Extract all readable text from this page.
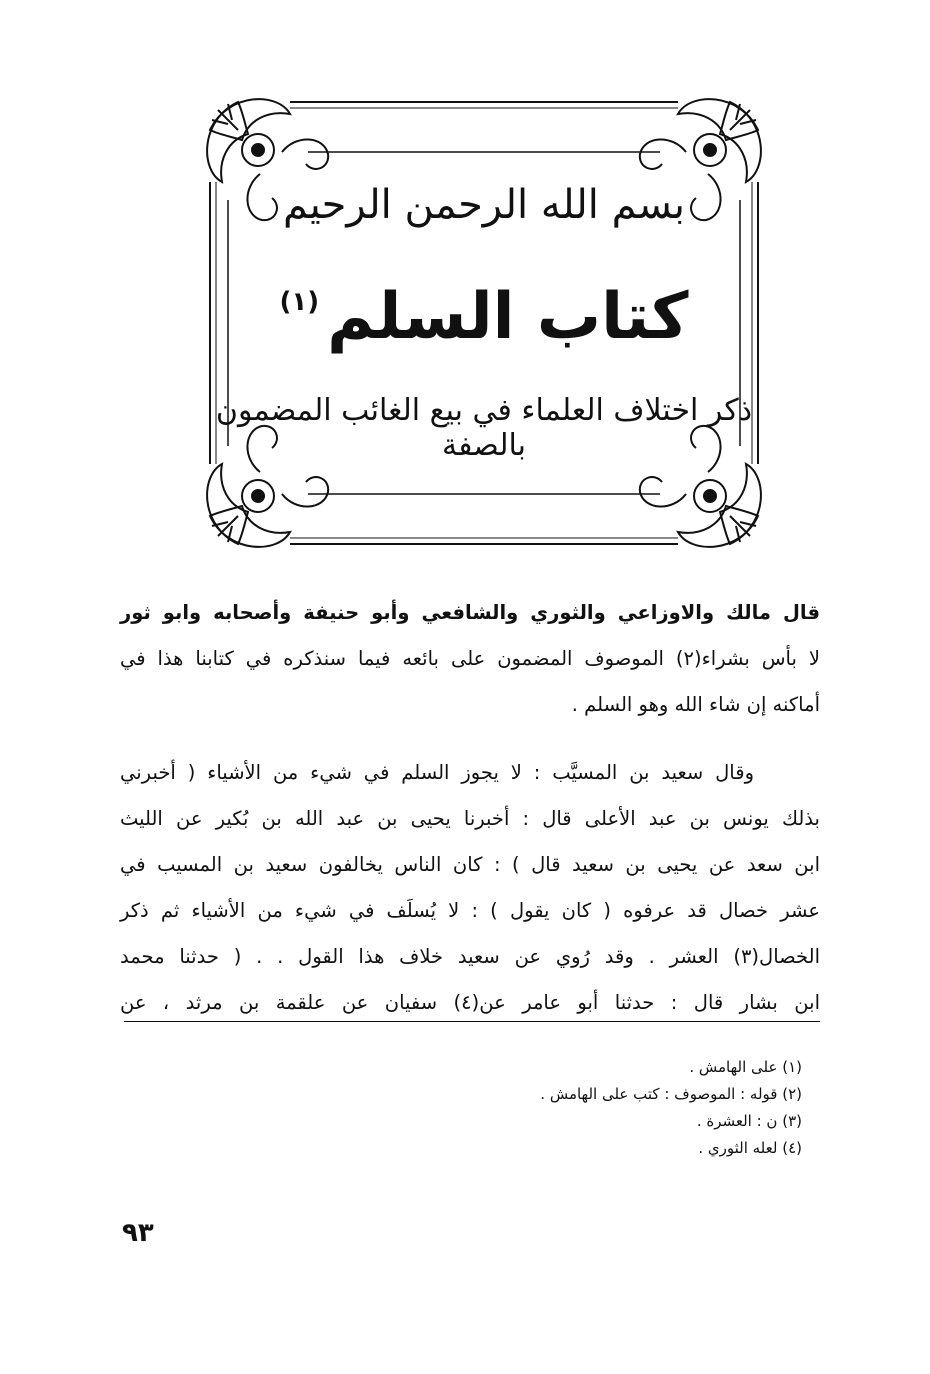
بسم الله الرحمن الرحيم
كتاب السلم$^{(١)}$
ذكر اختلاف العلماء في بيع الغائب المضمون بالصفة
قال مالك والاوزاعي والثوري والشافعي وأبو حنيفة وأصحابه وابو ثور
لا بأس بشراء(٢) الموصوف المضمون على بائعه فيما سنذكره في كتابنا هذا في
أماكنه إن شاء الله وهو السلم .
وقال سعيد بن المسيَّب : لا يجوز السلم في شيء من الأشياء ( أخبرني
بذلك يونس بن عبد الأعلى قال : أخبرنا يحيى بن عبد الله بن بُكير عن الليث
ابن سعد عن يحيى بن سعيد قال ) : كان الناس يخالفون سعيد بن المسيب في
عشر خصال قد عرفوه ( كان يقول ) : لا يُسلَف في شيء من الأشياء ثم ذكر
الخصال(٣) العشر . وقد رُوي عن سعيد خلاف هذا القول . . ( حدثنا محمد
ابن بشار قال : حدثنا أبو عامر عن(٤) سفيان عن علقمة بن مرثد ، عن
(١) على الهامش .
(٢) قوله : الموصوف : كتب على الهامش .
(٣) ن : العشرة .
(٤) لعله الثوري .
٩٣
